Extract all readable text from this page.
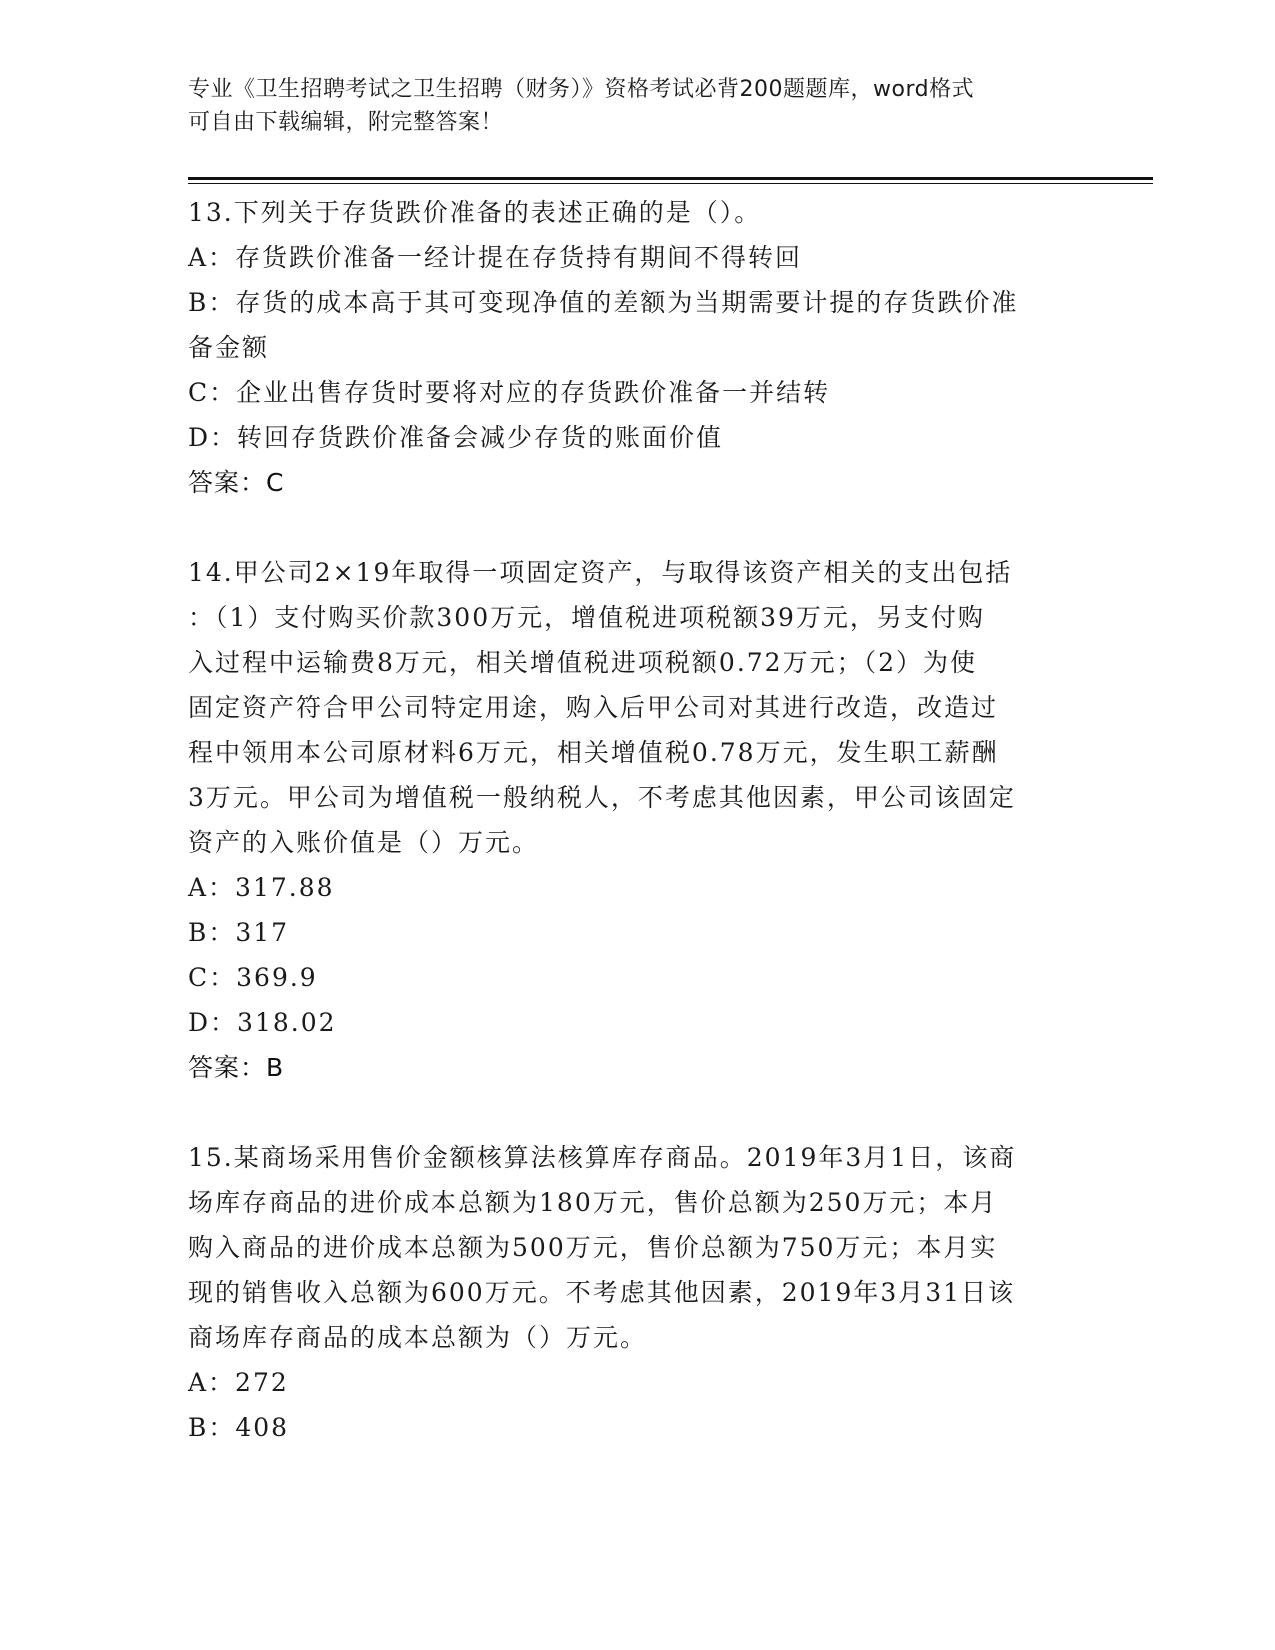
专业《卫生招聘考试之卫生招聘（财务）》资格考试必背200题题库，word格式
可自由下载编辑，附完整答案！
13.下列关于存货跌价准备的表述正确的是（）。
A：存货跌价准备一经计提在存货持有期间不得转回
B：存货的成本高于其可变现净值的差额为当期需要计提的存货跌价准
备金额
C：企业出售存货时要将对应的存货跌价准备一并结转
D：转回存货跌价准备会减少存货的账面价值
答案：C
14.甲公司2×19年取得一项固定资产，与取得该资产相关的支出包括
：（1）支付购买价款300万元，增值税进项税额39万元，另支付购
入过程中运输费8万元，相关增值税进项税额0.72万元；（2）为使
固定资产符合甲公司特定用途，购入后甲公司对其进行改造，改造过
程中领用本公司原材料6万元，相关增值税0.78万元，发生职工薪酬
3万元。甲公司为增值税一般纳税人，不考虑其他因素，甲公司该固定
资产的入账价值是（）万元。
A：317.88
B：317
C：369.9
D：318.02
答案：B
15.某商场采用售价金额核算法核算库存商品。2019年3月1日，该商
场库存商品的进价成本总额为180万元，售价总额为250万元；本月
购入商品的进价成本总额为500万元，售价总额为750万元；本月实
现的销售收入总额为600万元。不考虑其他因素，2019年3月31日该
商场库存商品的成本总额为（）万元。
A：272
B：408
